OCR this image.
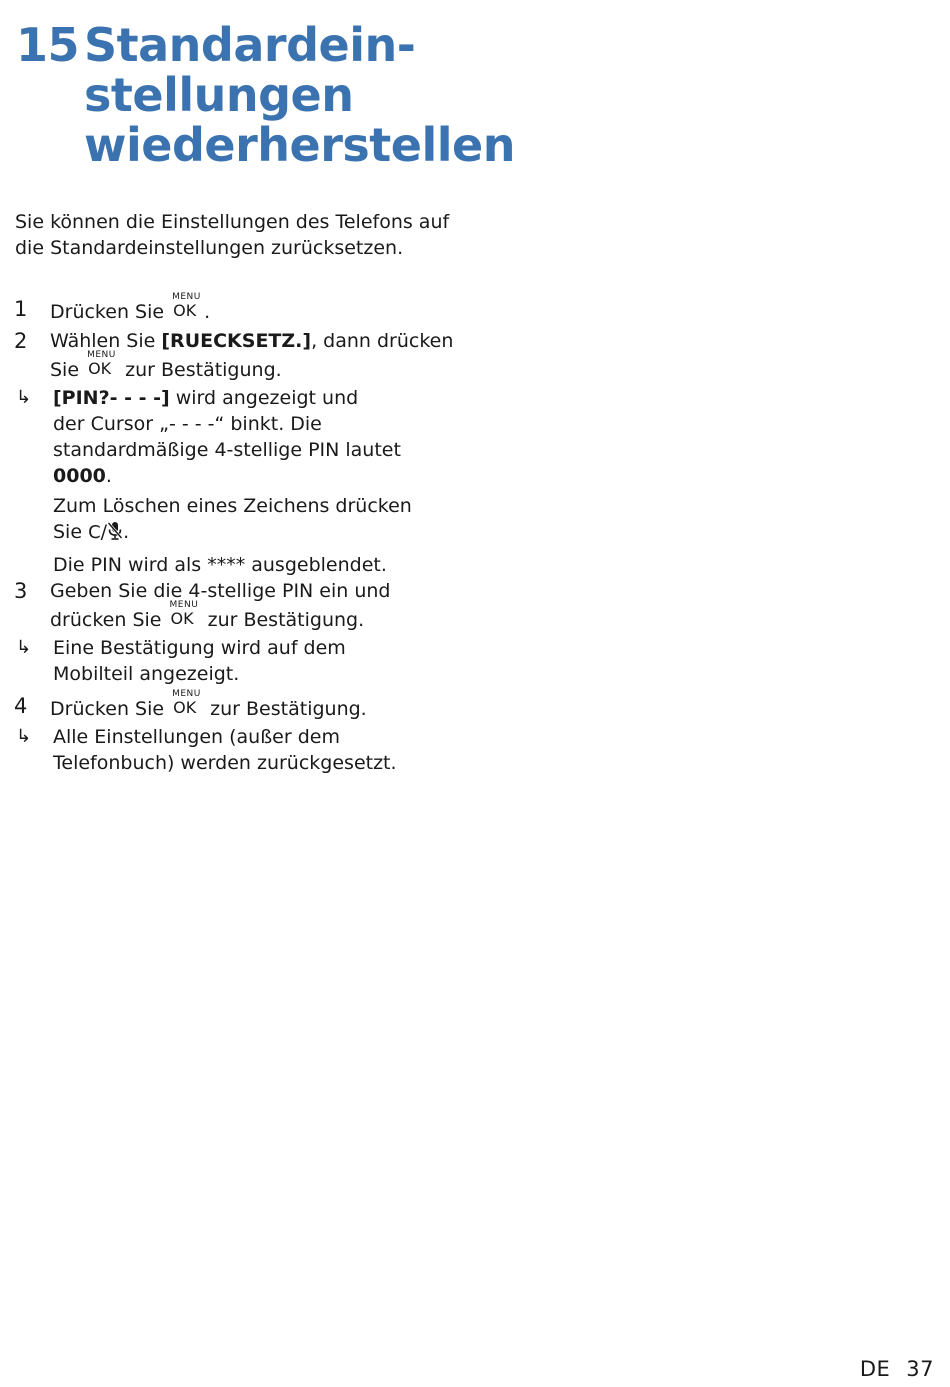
15 Standardein-
stellungen
wiederherstellen
Sie können die Einstellungen des Telefons auf
die Standardeinstellungen zurücksetzen.
1 Drücken Sie
MENU
OK .
2 Wählen Sie [RUECKSETZ.], dann drücken
Sie
MENU
OK zur Bestätigung.
↳ [PIN?- - - -] wird angezeigt und
der Cursor „- - - -“ binkt. Die
standardmäßige 4-stellige PIN lautet
0000.
Zum Löschen eines Zeichens drücken
Sie C/ .
Die PIN wird als **** ausgeblendet.
3 Geben Sie die 4-stellige PIN ein und
drücken Sie
MENU
OK zur Bestätigung.
↳ Eine Bestätigung wird auf dem
Mobilteil angezeigt.
4 Drücken Sie
MENU
OK zur Bestätigung.
↳ Alle Einstellungen (außer dem
Telefonbuch) werden zurückgesetzt.
DE 37
